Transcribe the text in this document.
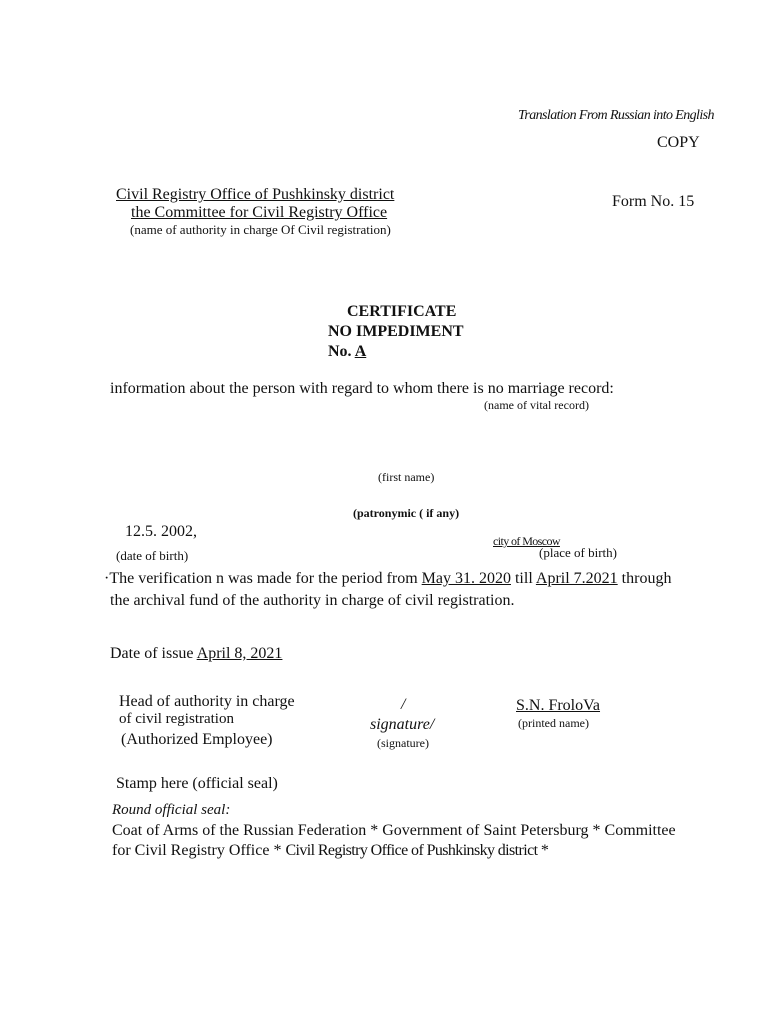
Translation From Russian into English
COPY
Civil Registry Office of Pushkinsky district
the Committee for Civil Registry Office
(name of authority in charge Of Civil registration)
Form No. 15
CERTIFICATE
NO IMPEDIMENT
No. A
information about the person with regard to whom there is no marriage record:
(name of vital record)
(first name)
(patronymic ( if any)
12.5. 2002,
(date of birth)
city of Moscow
(place of birth)
·The verification n was made for the period from May 31. 2020 till April 7.2021 through
the archival fund of the authority in charge of civil registration.
Date of issue April 8, 2021
Head of authority in charge
of civil registration
(Authorized Employee)
/
signature/
(signature)
S.N. FroloVa
(printed name)
Stamp here (official seal)
Round official seal:
Coat of Arms of the Russian Federation * Government of Saint Petersburg * Committee
for Civil Registry Office * Civil Registry Office of Pushkinsky district *
